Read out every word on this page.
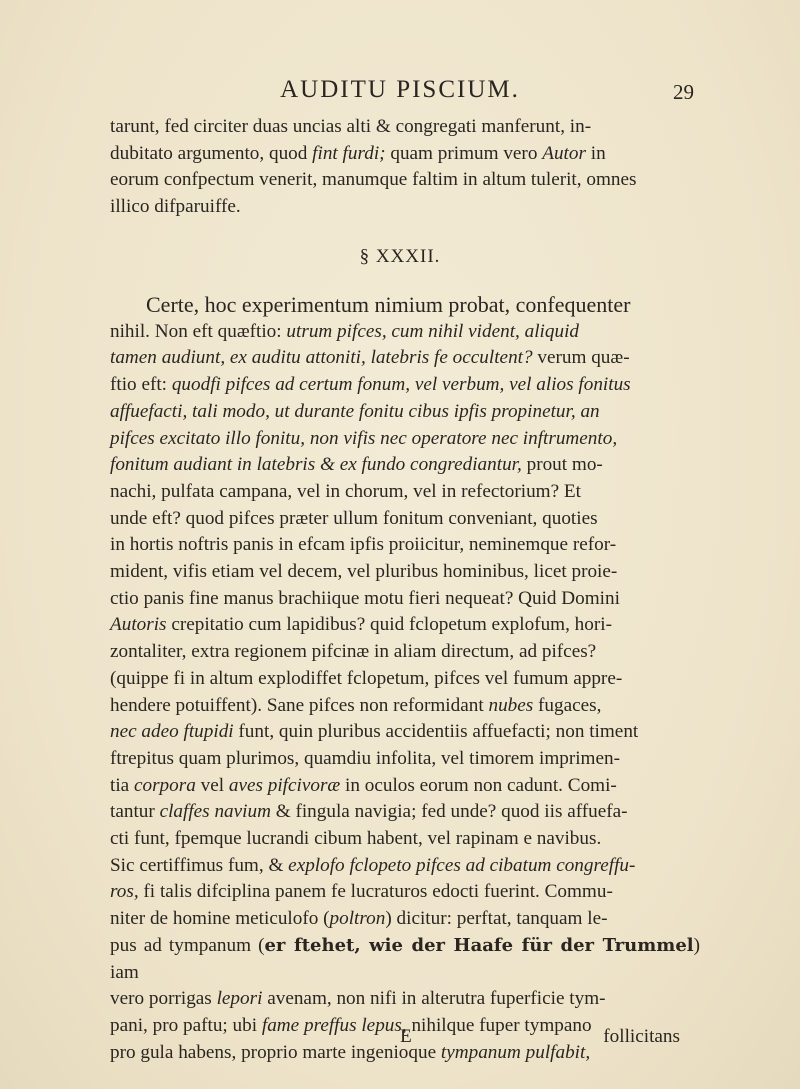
AUDITU PISCIUM.	29

tarunt, fed circiter duas uncias alti & congregati manferunt, in-

dubitato argumento, quod fint furdi; quam primum vero Autor in

eorum confpectum venerit, manumque faltim in altum tulerit, omnes

illico difparuiffe.

§ XXXII.

Certe, hoc experimentum nimium probat, confequenter

nihil. Non eft quæftio: utrum pifces, cum nihil vident, aliquid

tamen audiunt, ex auditu attoniti, latebris fe occultent? verum quæ-

ftio eft: quodfi pifces ad certum fonum, vel verbum, vel alios fonitus

affuefacti, tali modo, ut durante fonitu cibus ipfis propinetur, an

pifces excitato illo fonitu, non vifis nec operatore nec inftrumento,

fonitum audiant in latebris & ex fundo congrediantur, prout mo-

nachi, pulfata campana, vel in chorum, vel in refectorium? Et

unde eft? quod pifces præter ullum fonitum conveniant, quoties

in hortis noftris panis in efcam ipfis proiicitur, neminemque refor-

mident, vifis etiam vel decem, vel pluribus hominibus, licet proie-

ctio panis fine manus brachiique motu fieri nequeat? Quid Domini

Autoris crepitatio cum lapidibus? quid fclopetum explofum, hori-

zontaliter, extra regionem pifcinæ in aliam directum, ad pifces?

(quippe fi in altum explodiffet fclopetum, pifces vel fumum appre-

hendere potuiffent). Sane pifces non reformidant nubes fugaces,

nec adeo ftupidi funt, quin pluribus accidentiis affuefacti; non timent

ftrepitus quam plurimos, quamdiu infolita, vel timorem imprimen-

tia corpora vel aves pifcivoræ in oculos eorum non cadunt. Comi-

tantur claffes navium & fingula navigia; fed unde? quod iis affuefa-

cti funt, fpemque lucrandi cibum habent, vel rapinam e navibus.

Sic certiffimus fum, & explofo fclopeto pifces ad cibatum congreffu-

ros, fi talis difciplina panem fe lucraturos edocti fuerint. Commu-

niter de homine meticulofo (poltron) dicitur: perftat, tanquam le-

pus ad tympanum (er ftehet, wie der Haafe für der Trummel) iam

vero porrigas lepori avenam, non nifi in alterutra fuperficie tym-

pani, pro paftu; ubi fame preffus lepus, nihilque fuper tympano

pro gula habens, proprio marte ingenioque tympanum pulfabit,

E	follicitans
